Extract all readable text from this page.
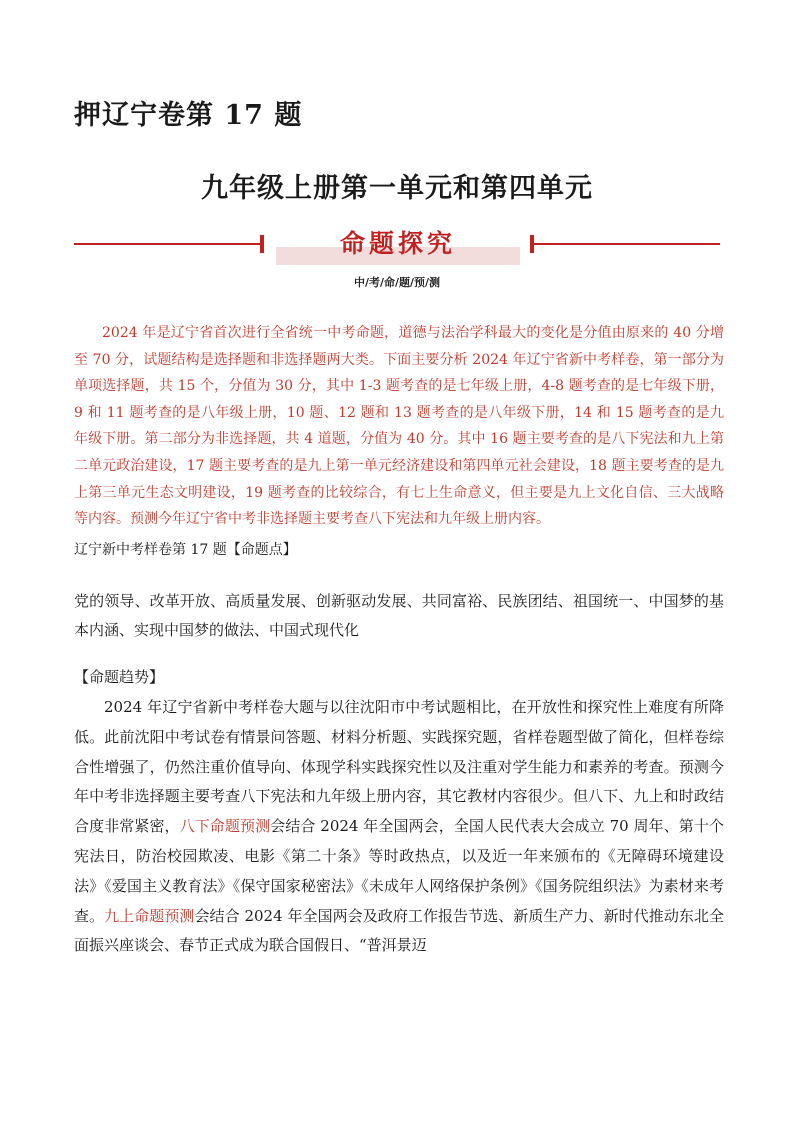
押辽宁卷第 17 题
九年级上册第一单元和第四单元
命题探究
中/考/命/题/预/测
2024 年是辽宁省首次进行全省统一中考命题，道德与法治学科最大的变化是分值由原来的 40 分增至 70 分，试题结构是选择题和非选择题两大类。下面主要分析 2024 年辽宁省新中考样卷，第一部分为单项选择题，共 15 个，分值为 30 分，其中 1-3 题考查的是七年级上册，4-8 题考查的是七年级下册，9 和 11 题考查的是八年级上册，10 题、12 题和 13 题考查的是八年级下册，14 和 15 题考查的是九年级下册。第二部分为非选择题，共 4 道题，分值为 40 分。其中 16 题主要考查的是八下宪法和九上第二单元政治建设，17 题主要考查的是九上第一单元经济建设和第四单元社会建设，18 题主要考查的是九上第三单元生态文明建设，19 题考查的比较综合，有七上生命意义，但主要是九上文化自信、三大战略等内容。预测今年辽宁省中考非选择题主要考查八下宪法和九年级上册内容。
辽宁新中考样卷第 17 题【命题点】
党的领导、改革开放、高质量发展、创新驱动发展、共同富裕、民族团结、祖国统一、中国梦的基本内涵、实现中国梦的做法、中国式现代化
【命题趋势】
2024 年辽宁省新中考样卷大题与以往沈阳市中考试题相比，在开放性和探究性上难度有所降低。此前沈阳中考试卷有情景问答题、材料分析题、实践探究题，省样卷题型做了简化，但样卷综合性增强了，仍然注重价值导向、体现学科实践探究性以及注重对学生能力和素养的考查。预测今年中考非选择题主要考查八下宪法和九年级上册内容，其它教材内容很少。但八下、九上和时政结合度非常紧密，八下命题预测会结合 2024 年全国两会，全国人民代表大会成立 70 周年、第十个宪法日，防治校园欺凌、电影《第二十条》等时政热点，以及近一年来颁布的《无障碍环境建设法》《爱国主义教育法》《保守国家秘密法》《未成年人网络保护条例》《国务院组织法》为素材来考查。九上命题预测会结合 2024 年全国两会及政府工作报告节选、新质生产力、新时代推动东北全面振兴座谈会、春节正式成为联合国假日、“普洱景迈
